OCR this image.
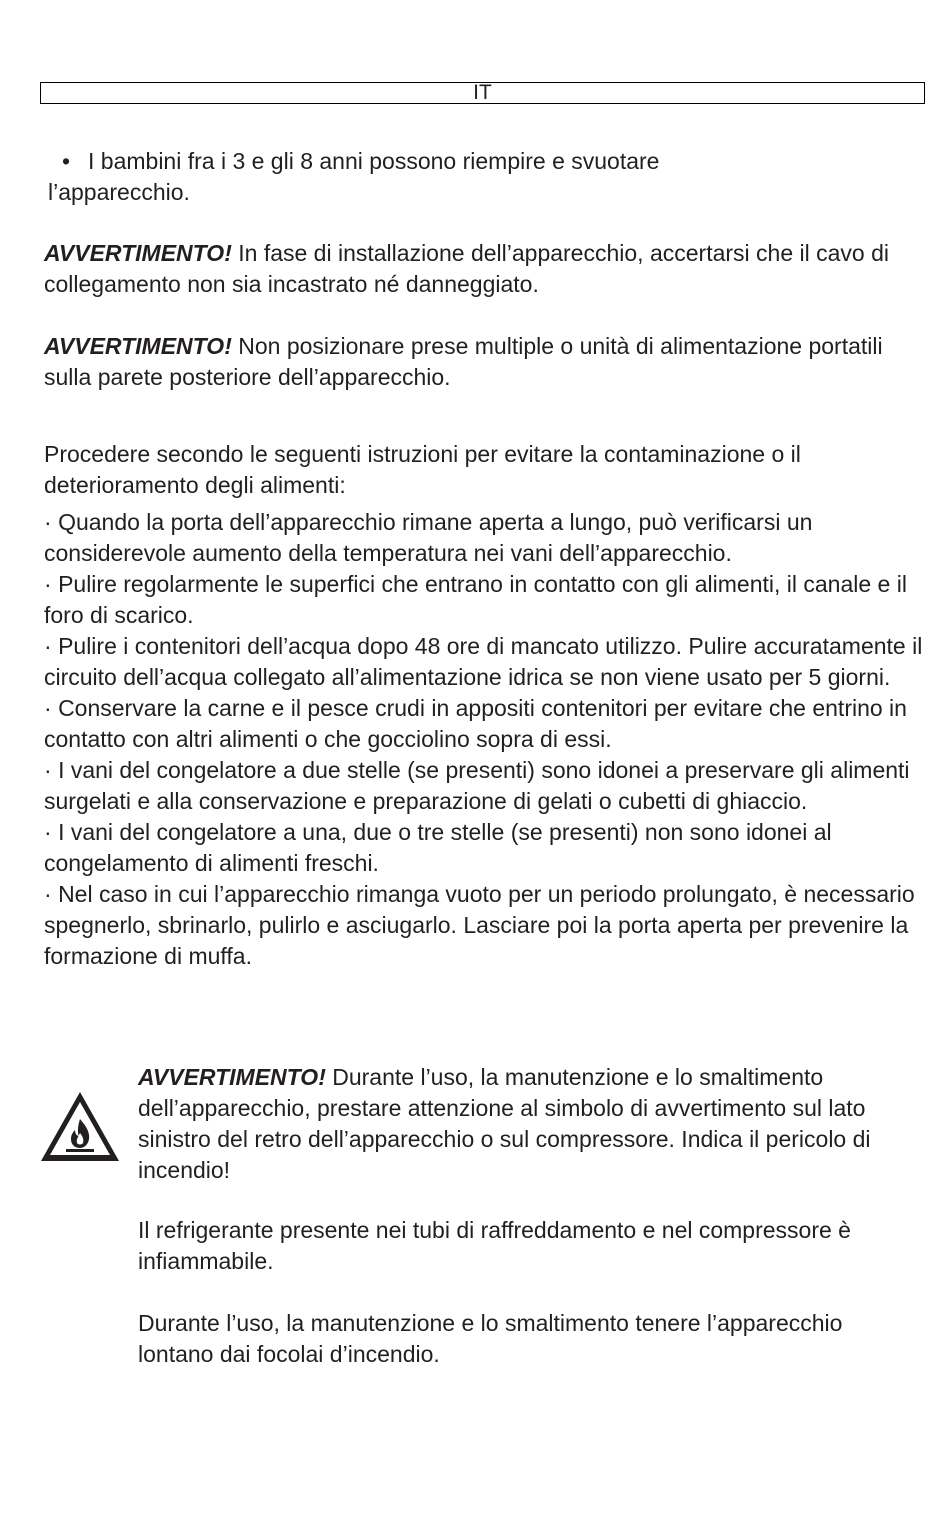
IT
• I bambini fra i 3 e gli 8 anni possono riempire e svuotare
l’apparecchio.

AVVERTIMENTO! In fase di installazione dell’apparecchio, accertarsi che il cavo di collegamento non sia incastrato né danneggiato.

AVVERTIMENTO! Non posizionare prese multiple o unità di alimentazione portatili sulla parete posteriore dell’apparecchio.

Procedere secondo le seguenti istruzioni per evitare la contaminazione o il deterioramento degli alimenti:

· Quando la porta dell’apparecchio rimane aperta a lungo, può verificarsi un considerevole aumento della temperatura nei vani dell’apparecchio.
· Pulire regolarmente le superfici che entrano in contatto con gli alimenti, il canale e il foro di scarico.
· Pulire i contenitori dell’acqua dopo 48 ore di mancato utilizzo. Pulire accuratamente il circuito dell’acqua collegato all’alimentazione idrica se non viene usato per 5 giorni.
· Conservare la carne e il pesce crudi in appositi contenitori per evitare che entrino in contatto con altri alimenti o che gocciolino sopra di essi.
· I vani del congelatore a due stelle (se presenti) sono idonei a preservare gli alimenti surgelati e alla conservazione e preparazione di gelati o cubetti di ghiaccio.
· I vani del congelatore a una, due o tre stelle (se presenti) non sono idonei al congelamento di alimenti freschi.
· Nel caso in cui l’apparecchio rimanga vuoto per un periodo prolungato, è necessario spegnerlo, sbrinarlo, pulirlo e asciugarlo. Lasciare poi la porta aperta per prevenire la formazione di muffa.

AVVERTIMENTO! Durante l’uso, la manutenzione e lo smaltimento dell’apparecchio, prestare attenzione al simbolo di avvertimento sul lato sinistro del retro dell’apparecchio o sul compressore. Indica il pericolo di incendio!

Il refrigerante presente nei tubi di raffreddamento e nel compressore è infiammabile.

Durante l’uso, la manutenzione e lo smaltimento tenere l’apparecchio lontano dai focolai d’incendio.
